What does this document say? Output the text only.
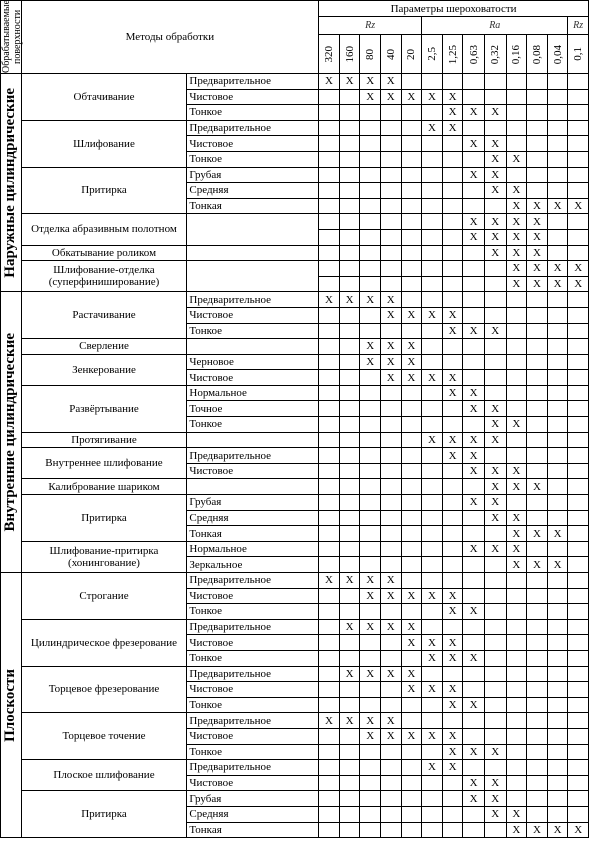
Обрабатываемые поверхности	Методы обработки		Параметры шероховатости												
			Rz					Ra							Rz

			320	160	80	40	20	2,5	1,25	0,63	0,32	0,16	0,08	0,04	0,1

Наружные цилиндрические	Обтачивание	Предварительное	X	X	X	X									
		Чистовое			X	X	X	X	X						
		Тонкое							X	X	X				
	Шлифование	Предварительное						X	X						
		Чистовое								X	X				
		Тонкое									X	X			
	Притирка	Грубая								X	X				
		Средняя									X	X			
		Тонкая										X	X	X	X
	Отделка абразивным полотном									X	X	X	X		
										X	X	X	X		
	Обкатывание роликом										X	X	X		
	Шлифование-отделка (суперфиниширование)											X	X	X	X
												X	X	X	X

Внутренние цилиндрические	Растачивание	Предварительное	X	X	X	X									
		Чистовое				X	X	X	X						
		Тонкое							X	X	X				
	Сверление				X	X	X								
	Зенкерование	Черновое			X	X	X								
		Чистовое				X	X	X	X						
	Развёртывание	Нормальное							X	X					
		Точное								X	X				
		Тонкое									X	X			
	Протягивание							X	X	X	X				
	Внутреннее шлифование	Предварительное							X	X					
		Чистовое								X	X	X			
	Калибрование шариком										X	X	X		
	Притирка	Грубая								X	X				
		Средняя									X	X			
		Тонкая										X	X	X	
	Шлифование-притирка (хонингование)	Нормальное								X	X	X			
		Зеркальное										X	X	X	

Плоскости	Строгание	Предварительное	X	X	X	X									
		Чистовое			X	X	X	X	X						
		Тонкое							X	X					
	Цилиндрическое фрезерование	Предварительное		X	X	X	X								
		Чистовое					X	X	X						
		Тонкое						X	X	X					
	Торцевое фрезерование	Предварительное		X	X	X	X								
		Чистовое					X	X	X						
		Тонкое							X	X					
	Торцевое точение	Предварительное	X	X	X	X									
		Чистовое			X	X	X	X	X						
		Тонкое							X	X	X				
	Плоское шлифование	Предварительное						X	X						
		Чистовое								X	X				
	Притирка	Грубая								X	X				
		Средняя									X	X			
		Тонкая										X	X	X	X
